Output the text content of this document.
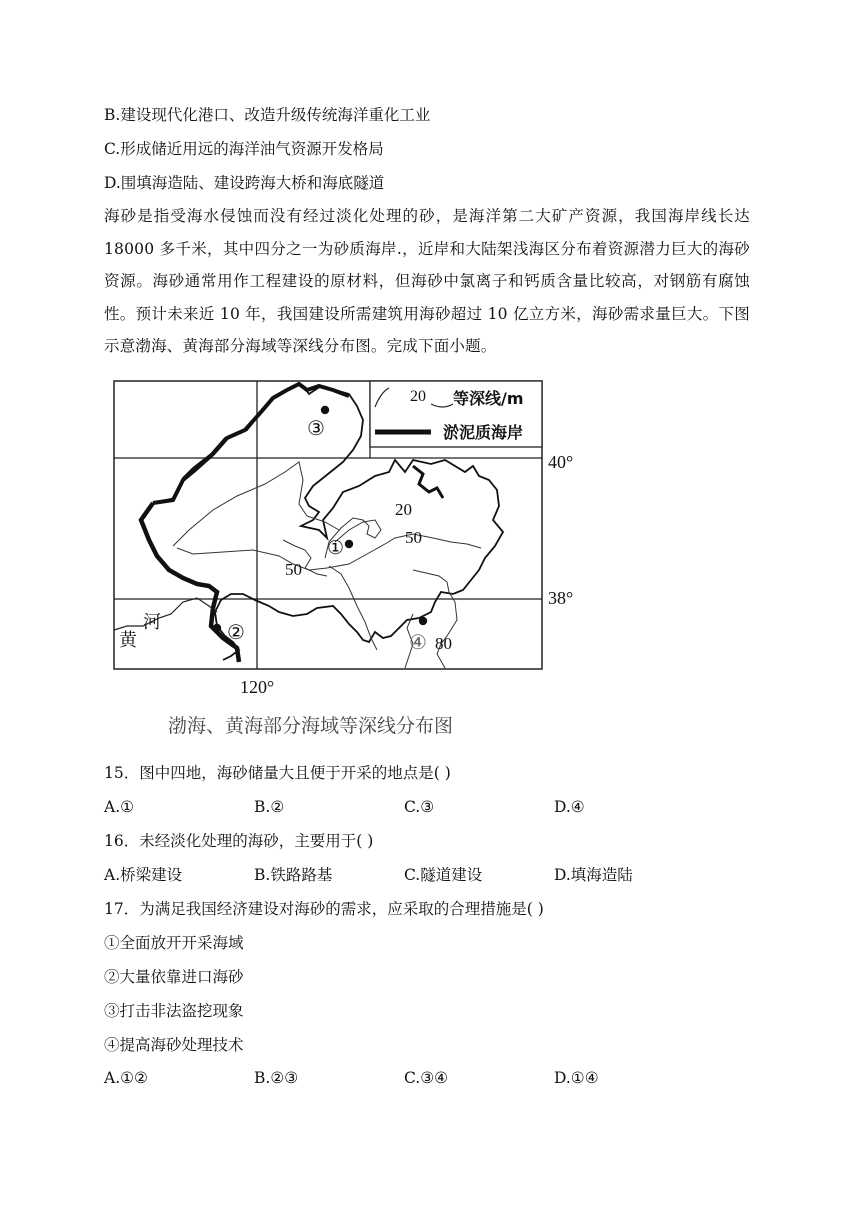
B.建设现代化港口、改造升级传统海洋重化工业
C.形成储近用远的海洋油气资源开发格局
D.围填海造陆、建设跨海大桥和海底隧道
海砂是指受海水侵蚀而没有经过淡化处理的砂，是海洋第二大矿产资源，我国海岸线长达 18000 多千米，其中四分之一为砂质海岸.，近岸和大陆架浅海区分布着资源潜力巨大的海砂资源。海砂通常用作工程建设的原材料，但海砂中氯离子和钙质含量比较高，对钢筋有腐蚀性。预计未来近 10 年，我国建设所需建筑用海砂超过 10 亿立方米，海砂需求量巨大。下图示意渤海、黄海部分海域等深线分布图。完成下面小题。
20 等深线/m
淤泥质海岸
③
①
②	④
20
50
50
80
河
黄
40°
38°
120°
渤海、黄海部分海域等深线分布图
15．图中四地，海砂储量大且便于开采的地点是( )
A.①	B.②	C.③	D.④
16．未经淡化处理的海砂，主要用于( )
A.桥梁建设	B.铁路路基	C.隧道建设	D.填海造陆
17．为满足我国经济建设对海砂的需求，应采取的合理措施是( )
①全面放开开采海域
②大量依靠进口海砂
③打击非法盗挖现象
④提高海砂处理技术
A.①②	B.②③	C.③④	D.①④
